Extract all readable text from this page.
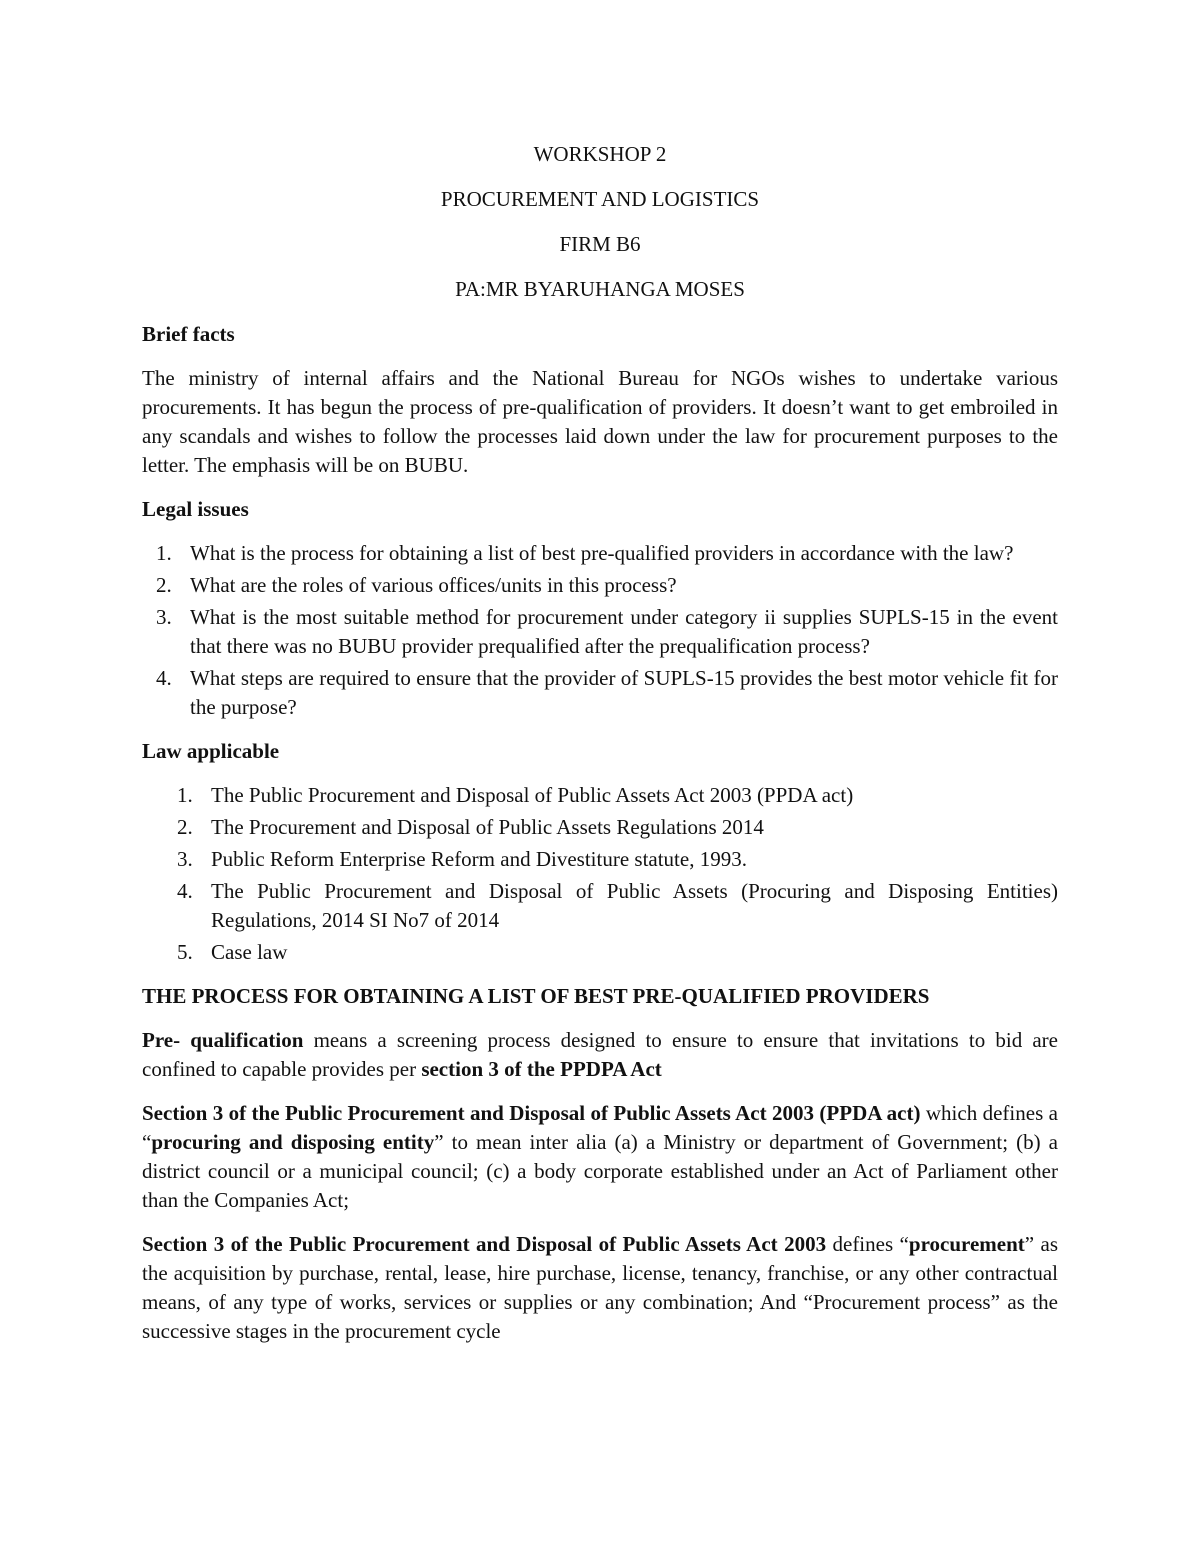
WORKSHOP 2
PROCUREMENT AND LOGISTICS
FIRM B6
PA:MR BYARUHANGA MOSES
Brief facts

The ministry of internal affairs and the National Bureau for NGOs wishes to undertake various procurements. It has begun the process of pre-qualification of providers. It doesn’t want to get embroiled in any scandals and wishes to follow the processes laid down under the law for procurement purposes to the letter. The emphasis will be on BUBU.

Legal issues
1. What is the process for obtaining a list of best pre-qualified providers in accordance with the law?
2. What are the roles of various offices/units in this process?
3. What is the most suitable method for procurement under category ii supplies SUPLS-15 in the event that there was no BUBU provider prequalified after the prequalification process?
4. What steps are required to ensure that the provider of SUPLS-15 provides the best motor vehicle fit for the purpose?
Law applicable
1. The Public Procurement and Disposal of Public Assets Act 2003 (PPDA act)
2. The Procurement and Disposal of Public Assets Regulations 2014
3. Public Reform Enterprise Reform and Divestiture statute, 1993.
4. The Public Procurement and Disposal of Public Assets (Procuring and Disposing Entities) Regulations, 2014 SI No7 of 2014
5. Case law
THE PROCESS FOR OBTAINING A LIST OF BEST PRE-QUALIFIED PROVIDERS

Pre- qualification means a screening process designed to ensure to ensure that invitations to bid are confined to capable provides per section 3 of the PPDPA Act

Section 3 of the Public Procurement and Disposal of Public Assets Act 2003 (PPDA act) which defines a “procuring and disposing entity” to mean inter alia (a) a Ministry or department of Government; (b) a district council or a municipal council; (c) a body corporate established under an Act of Parliament other than the Companies Act;

Section 3 of the Public Procurement and Disposal of Public Assets Act 2003 defines “procurement” as the acquisition by purchase, rental, lease, hire purchase, license, tenancy, franchise, or any other contractual means, of any type of works, services or supplies or any combination; And “Procurement process” as the successive stages in the procurement cycle
